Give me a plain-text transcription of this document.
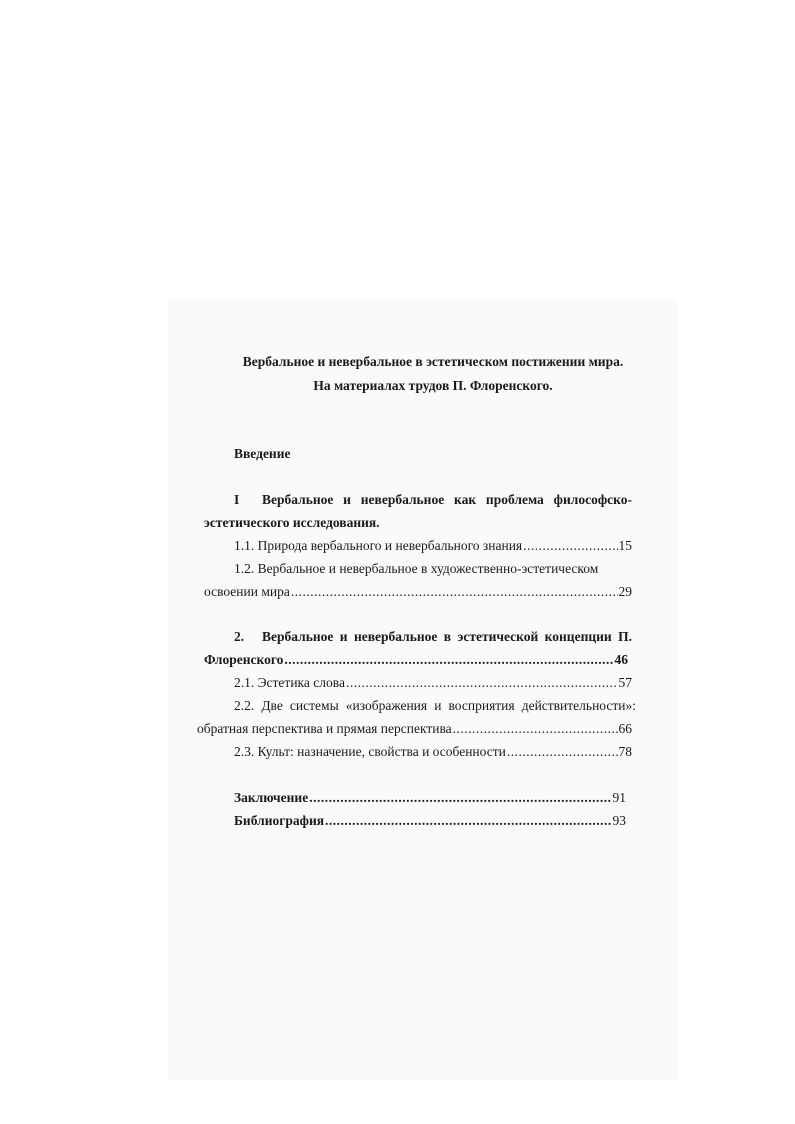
Вербальное и невербальное в эстетическом постижении мира.
На материалах трудов П. Флоренского.
Введение
I Вербальное и невербальное как проблема философско-
эстетического исследования.
1.1. Природа вербального и невербального знания .....	15
1.2. Вербальное и невербальное в художественно-эстетическом
освоении мира .....	29
2. Вербальное и невербальное в эстетической концепции П.
Флоренского .....	46
2.1. Эстетика слова .....	57
2.2. Две системы «изображения и восприятия действительности»:
обратная перспектива и прямая перспектива .....	66
2.3. Культ: назначение, свойства и особенности .....	78
Заключение .....	91
Библиография .....	93
